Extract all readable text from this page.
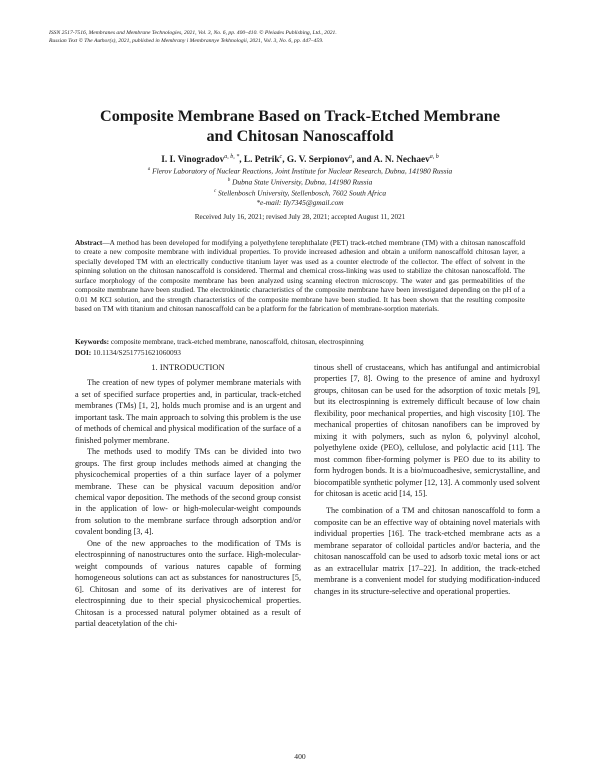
ISSN 2517-7516, Membranes and Membrane Technologies, 2021, Vol. 3, No. 6, pp. 400–410. © Pleiades Publishing, Ltd., 2021.
Russian Text © The Author(s), 2021, published in Membrany i Membrannye Tekhnologii, 2021, Vol. 3, No. 6, pp. 447–459.
Composite Membrane Based on Track-Etched Membrane
and Chitosan Nanoscaffold
I. I. Vinogradov$^{a, b, *}$, L. Petrik$^c$, G. V. Serpionov$^a$, and A. N. Nechaev$^{a, b}$
$^a$ Flerov Laboratory of Nuclear Reactions, Joint Institute for Nuclear Research, Dubna, 141980 Russia
$^b$ Dubna State University, Dubna, 141980 Russia
$^c$ Stellenbosch University, Stellenbosch, 7602 South Africa
*e-mail: Ily7345@gmail.com
Received July 16, 2021; revised July 28, 2021; accepted August 11, 2021

Abstract—A method has been developed for modifying a polyethylene terephthalate (PET) track-etched membrane (TM) with a chitosan nanoscaffold to create a new composite membrane with individual properties. To provide increased adhesion and obtain a uniform nanoscaffold chitosan layer, a specially developed TM with an electrically conductive titanium layer was used as a counter electrode of the collector. The effect of solvent in the spinning solution on the chitosan nanoscaffold is considered. Thermal and chemical cross-linking was used to stabilize the chitosan nanoscaffold. The surface morphology of the composite membrane has been analyzed using scanning electron microscopy. The water and gas permeabilities of the composite membrane have been studied. The electrokinetic characteristics of the composite membrane have been investigated depending on the pH of a 0.01 M KCl solution, and the strength characteristics of the composite membrane have been studied. It has been shown that the resulting composite based on TM with titanium and chitosan nanoscaffold can be a platform for the fabrication of membrane-sorption materials.

Keywords: composite membrane, track-etched membrane, nanoscaffold, chitosan, electrospinning
DOI: 10.1134/S2517751621060093
1. INTRODUCTION

The creation of new types of polymer membrane materials with a set of specified surface properties and, in particular, track-etched membranes (TMs) [1, 2], holds much promise and is an urgent and important task. The main approach to solving this problem is the use of methods of chemical and physical modification of the surface of a finished polymer membrane.

The methods used to modify TMs can be divided into two groups. The first group includes methods aimed at changing the physicochemical properties of a thin surface layer of a polymer membrane. These can be physical vacuum deposition and/or chemical vapor deposition. The methods of the second group consist in the application of low- or high-molecular-weight compounds from solution to the membrane surface through adsorption and/or covalent bonding [3, 4].

One of the new approaches to the modification of TMs is electrospinning of nanostructures onto the surface. High-molecular-weight compounds of various natures capable of forming homogeneous solutions can act as substances for nanostructures [5, 6]. Chitosan and some of its derivatives are of interest for electrospinning due to their special physicochemical properties. Chitosan is a processed natural polymer obtained as a result of partial deacetylation of the chi-

tinous shell of crustaceans, which has antifungal and antimicrobial properties [7, 8]. Owing to the presence of amine and hydroxyl groups, chitosan can be used for the adsorption of toxic metals [9], but its electrospinning is extremely difficult because of low chain flexibility, poor mechanical properties, and high viscosity [10]. The mechanical properties of chitosan nanofibers can be improved by mixing it with polymers, such as nylon 6, polyvinyl alcohol, polyethylene oxide (PEO), cellulose, and polylactic acid [11]. The most common fiber-forming polymer is PEO due to its ability to form hydrogen bonds. It is a bio/mucoadhesive, semicrystalline, and biocompatible synthetic polymer [12, 13]. A commonly used solvent for chitosan is acetic acid [14, 15].

The combination of a TM and chitosan nanoscaffold to form a composite can be an effective way of obtaining novel materials with individual properties [16]. The track-etched membrane acts as a membrane separator of colloidal particles and/or bacteria, and the chitosan nanoscaffold can be used to adsorb toxic metal ions or act as an extracellular matrix [17–22]. In addition, the track-etched membrane is a convenient model for studying modification-induced changes in its structure-selective and operational properties.

400
